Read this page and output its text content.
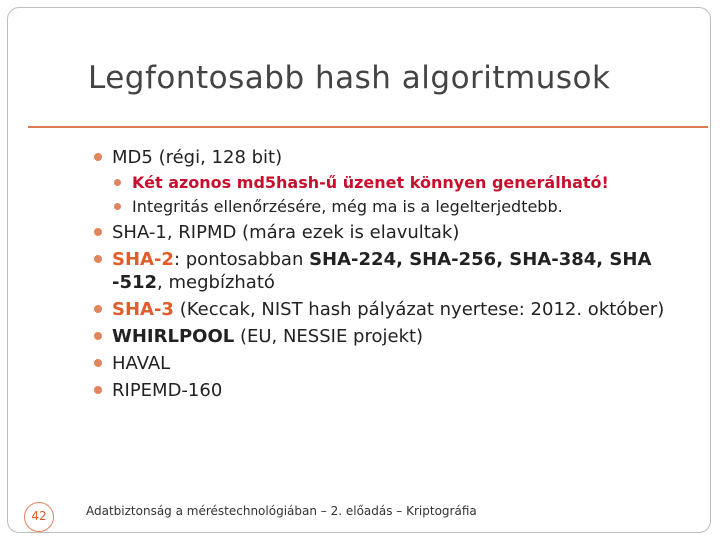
Legfontosabb hash algoritmusok
MD5 (régi, 128 bit)
Két azonos md5hash-ű üzenet könnyen generálható!
Integritás ellenőrzésére, még ma is a legelterjedtebb.
SHA-1, RIPMD (mára ezek is elavultak)
SHA-2: pontosabban SHA-224, SHA-256, SHA-384, SHA
-512, megbízható
SHA-3 (Keccak, NIST hash pályázat nyertese: 2012. október)
WHIRLPOOL (EU, NESSIE projekt)
HAVAL
RIPEMD-160
42	Adatbiztonság a méréstechnológiában – 2. előadás – Kriptográfia
